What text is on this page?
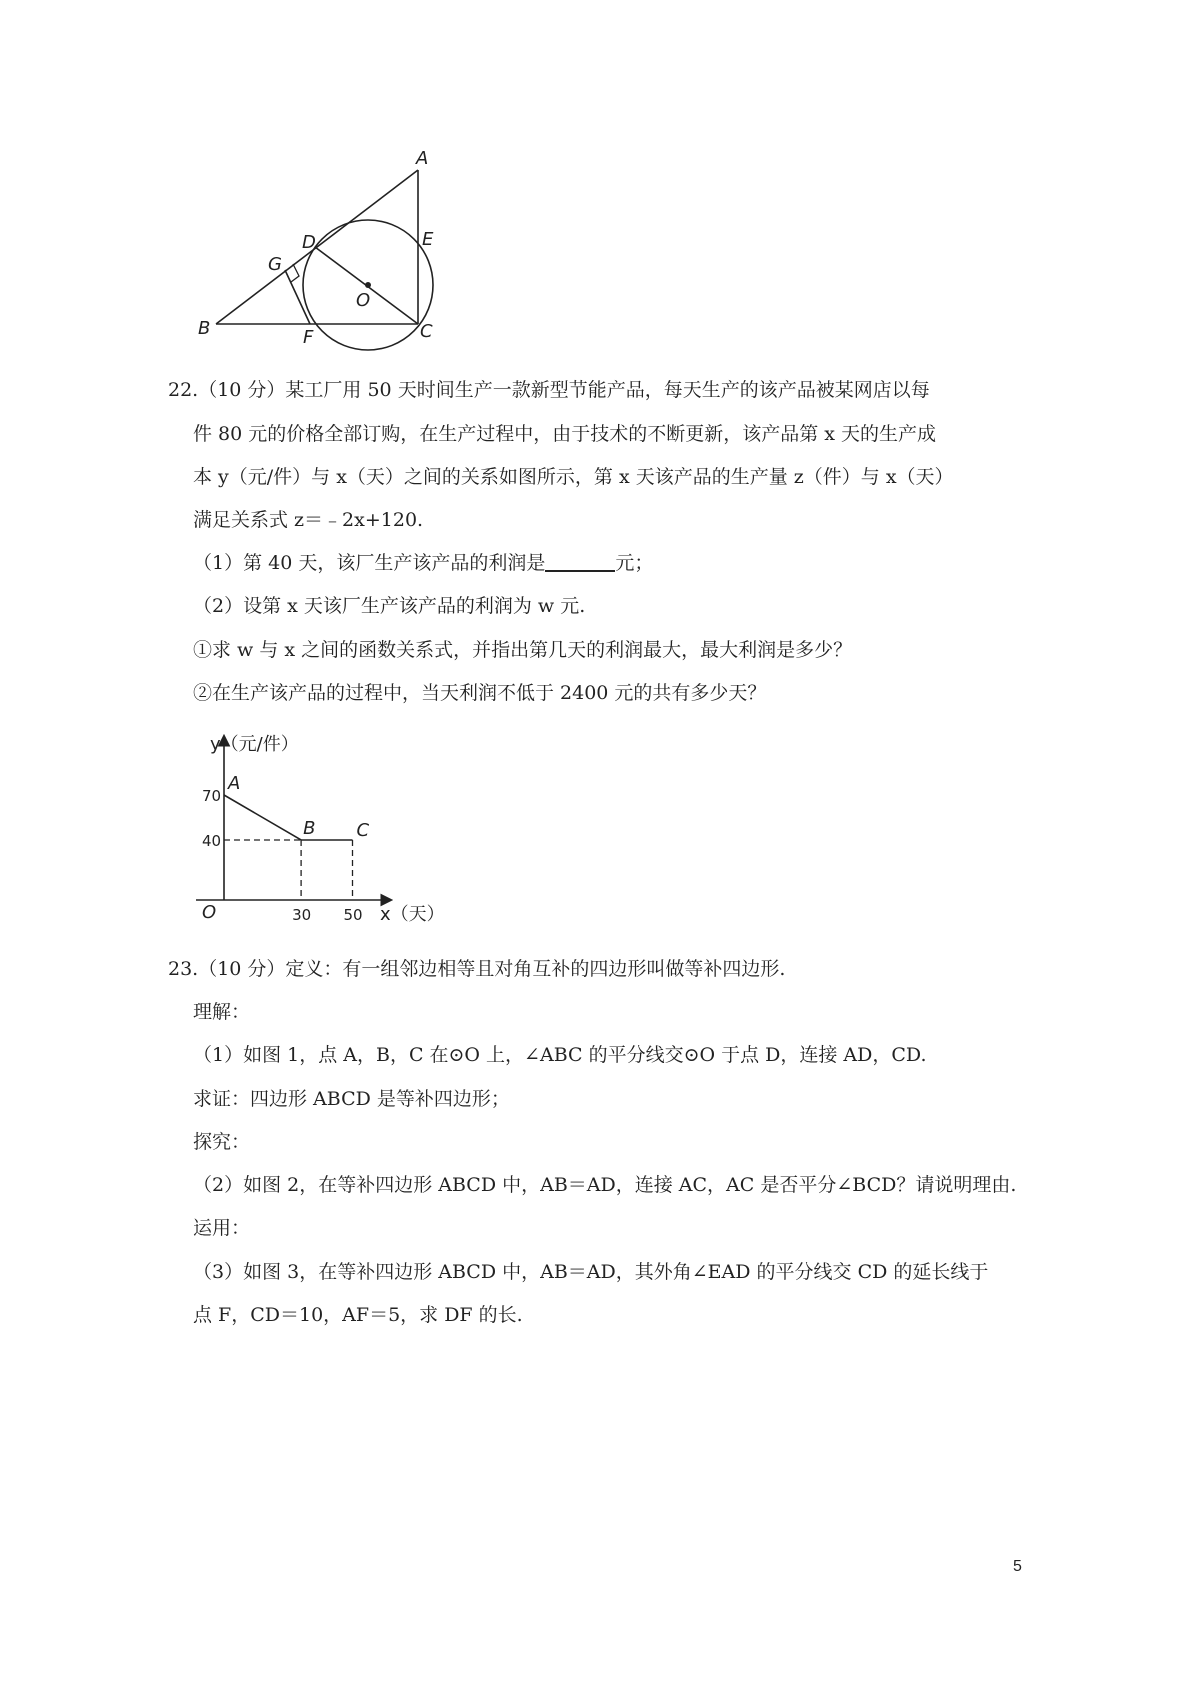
A
D	E
G
O
B	F	C
22.（10 分）某工厂用 50 天时间生产一款新型节能产品，每天生产的该产品被某网店以每
件 80 元的价格全部订购，在生产过程中，由于技术的不断更新，该产品第 x 天的生产成
本 y（元/件）与 x（天）之间的关系如图所示，第 x 天该产品的生产量 z（件）与 x（天）
满足关系式 z＝﹣2x+120.
（1）第 40 天，该厂生产该产品的利润是	元；
（2）设第 x 天该厂生产该产品的利润为 w 元.
①求 w 与 x 之间的函数关系式，并指出第几天的利润最大，最大利润是多少？
②在生产该产品的过程中，当天利润不低于 2400 元的共有多少天？
A
B C
70
40
30 50
O
y（元/件）
x（天）
23.（10 分）定义：有一组邻边相等且对角互补的四边形叫做等补四边形.
理解：
（1）如图 1，点 A，B，C 在⊙O 上，∠ABC 的平分线交⊙O 于点 D，连接 AD，CD.
求证：四边形 ABCD 是等补四边形；
探究：
（2）如图 2，在等补四边形 ABCD 中，AB＝AD，连接 AC，AC 是否平分∠BCD？请说明理由.
运用：
（3）如图 3，在等补四边形 ABCD 中，AB＝AD，其外角∠EAD 的平分线交 CD 的延长线于
点 F，CD＝10，AF＝5，求 DF 的长.
5
